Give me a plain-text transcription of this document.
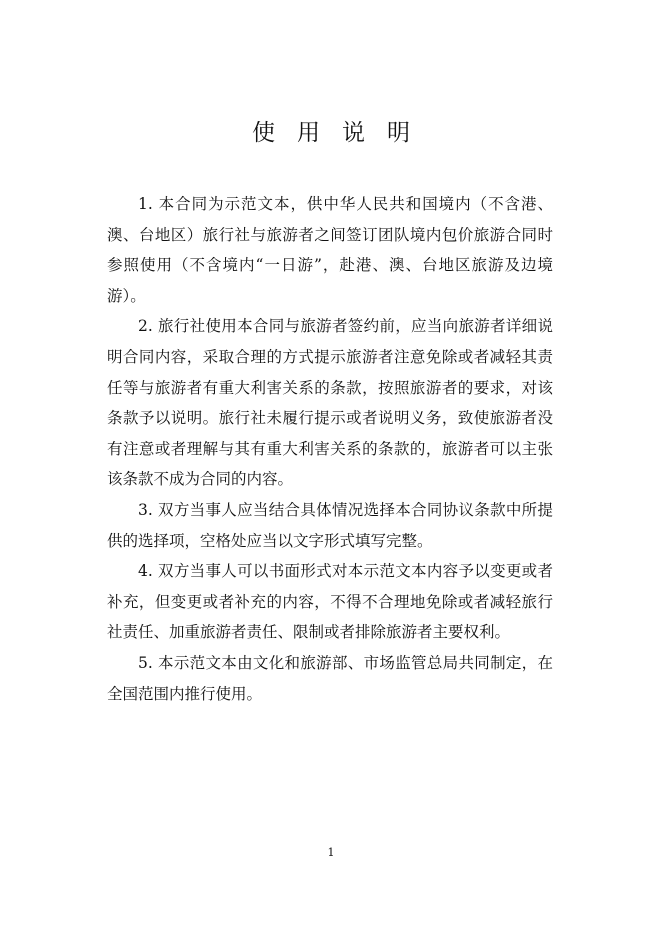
使用说明

1. 本合同为示范文本，供中华人民共和国境内（不含港、澳、台地区）旅行社与旅游者之间签订团队境内包价旅游合同时参照使用（不含境内“一日游”，赴港、澳、台地区旅游及边境游）。

2. 旅行社使用本合同与旅游者签约前，应当向旅游者详细说明合同内容，采取合理的方式提示旅游者注意免除或者减轻其责任等与旅游者有重大利害关系的条款，按照旅游者的要求，对该条款予以说明。旅行社未履行提示或者说明义务，致使旅游者没有注意或者理解与其有重大利害关系的条款的，旅游者可以主张该条款不成为合同的内容。

3. 双方当事人应当结合具体情况选择本合同协议条款中所提供的选择项，空格处应当以文字形式填写完整。

4. 双方当事人可以书面形式对本示范文本内容予以变更或者补充，但变更或者补充的内容，不得不合理地免除或者减轻旅行社责任、加重旅游者责任、限制或者排除旅游者主要权利。

5. 本示范文本由文化和旅游部、市场监管总局共同制定，在全国范围内推行使用。

1
